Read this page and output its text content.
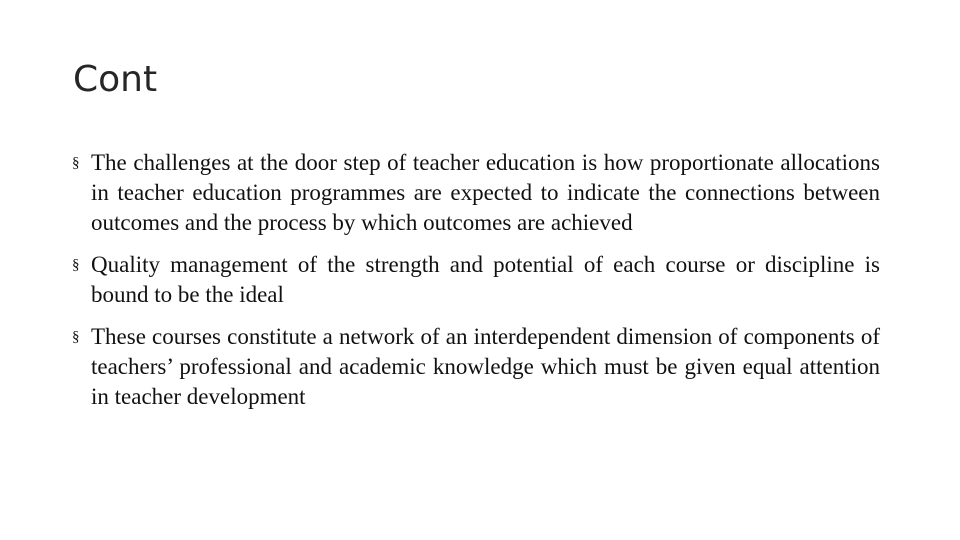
Cont
§ The challenges at the door step of teacher education is how proportionate allocations in teacher education programmes are expected to indicate the connections between outcomes and the process by which outcomes are achieved
§ Quality management of the strength and potential of each course or discipline is bound to be the ideal
§ These courses constitute a network of an interdependent dimension of components of teachers’ professional and academic knowledge which must be given equal attention in teacher development
